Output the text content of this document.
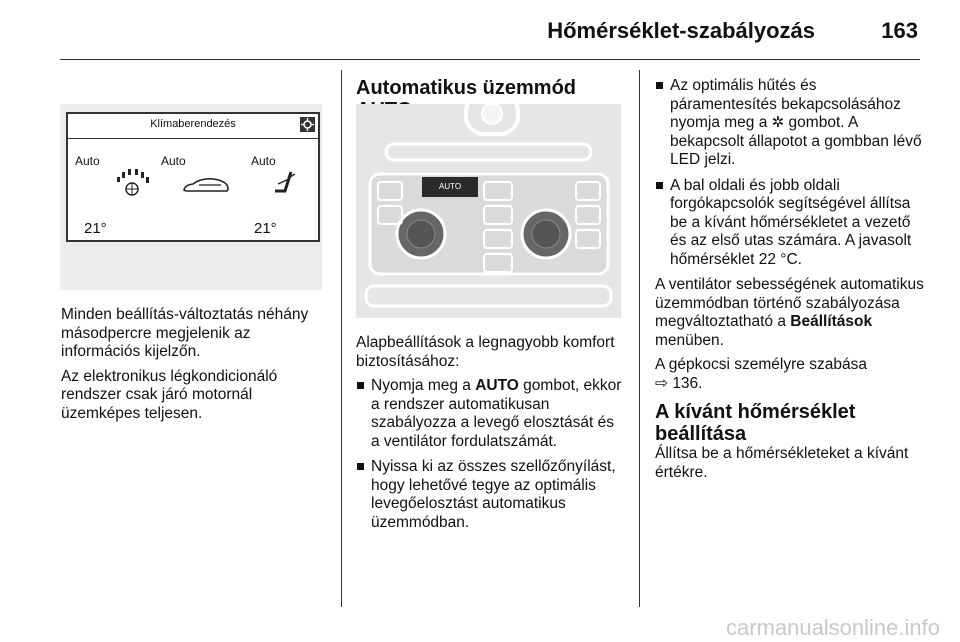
Hőmérséklet-szabályozás	163
Klímaberendezés
Auto	Auto	Auto
21°	21°

Minden beállítás-változtatás néhány másodpercre megjelenik az információs kijelzőn.

Az elektronikus légkondicionáló rendszer csak járó motornál üzemképes teljesen.

Automatikus üzemmód
AUTO

Alapbeállítások a legnagyobb komfort biztosításához:

Nyomja meg a AUTO gombot, ekkor a rendszer automatikusan szabályozza a levegő elosztását és a ventilátor fordulatszámát.
Nyissa ki az összes szellőzőnyílást, hogy lehetővé tegye az optimális levegőelosztást automatikus üzemmódban.
Az optimális hűtés és páramentesítés bekapcsolásához nyomja meg a ✲ gombot. A bekapcsolt állapotot a gombban lévő LED jelzi.
A bal oldali és jobb oldali forgókapcsolók segítségével állítsa be a kívánt hőmérsékletet a vezető és az első utas számára. A javasolt hőmérséklet 22 °C.

A ventilátor sebességének automatikus üzemmódban történő szabályozása megváltoztatható a Beállítások menüben.

A gépkocsi személyre szabása
⇨ 136.

A kívánt hőmérséklet beállítása

Állítsa be a hőmérsékleteket a kívánt értékre.

carmanualsonline.info
